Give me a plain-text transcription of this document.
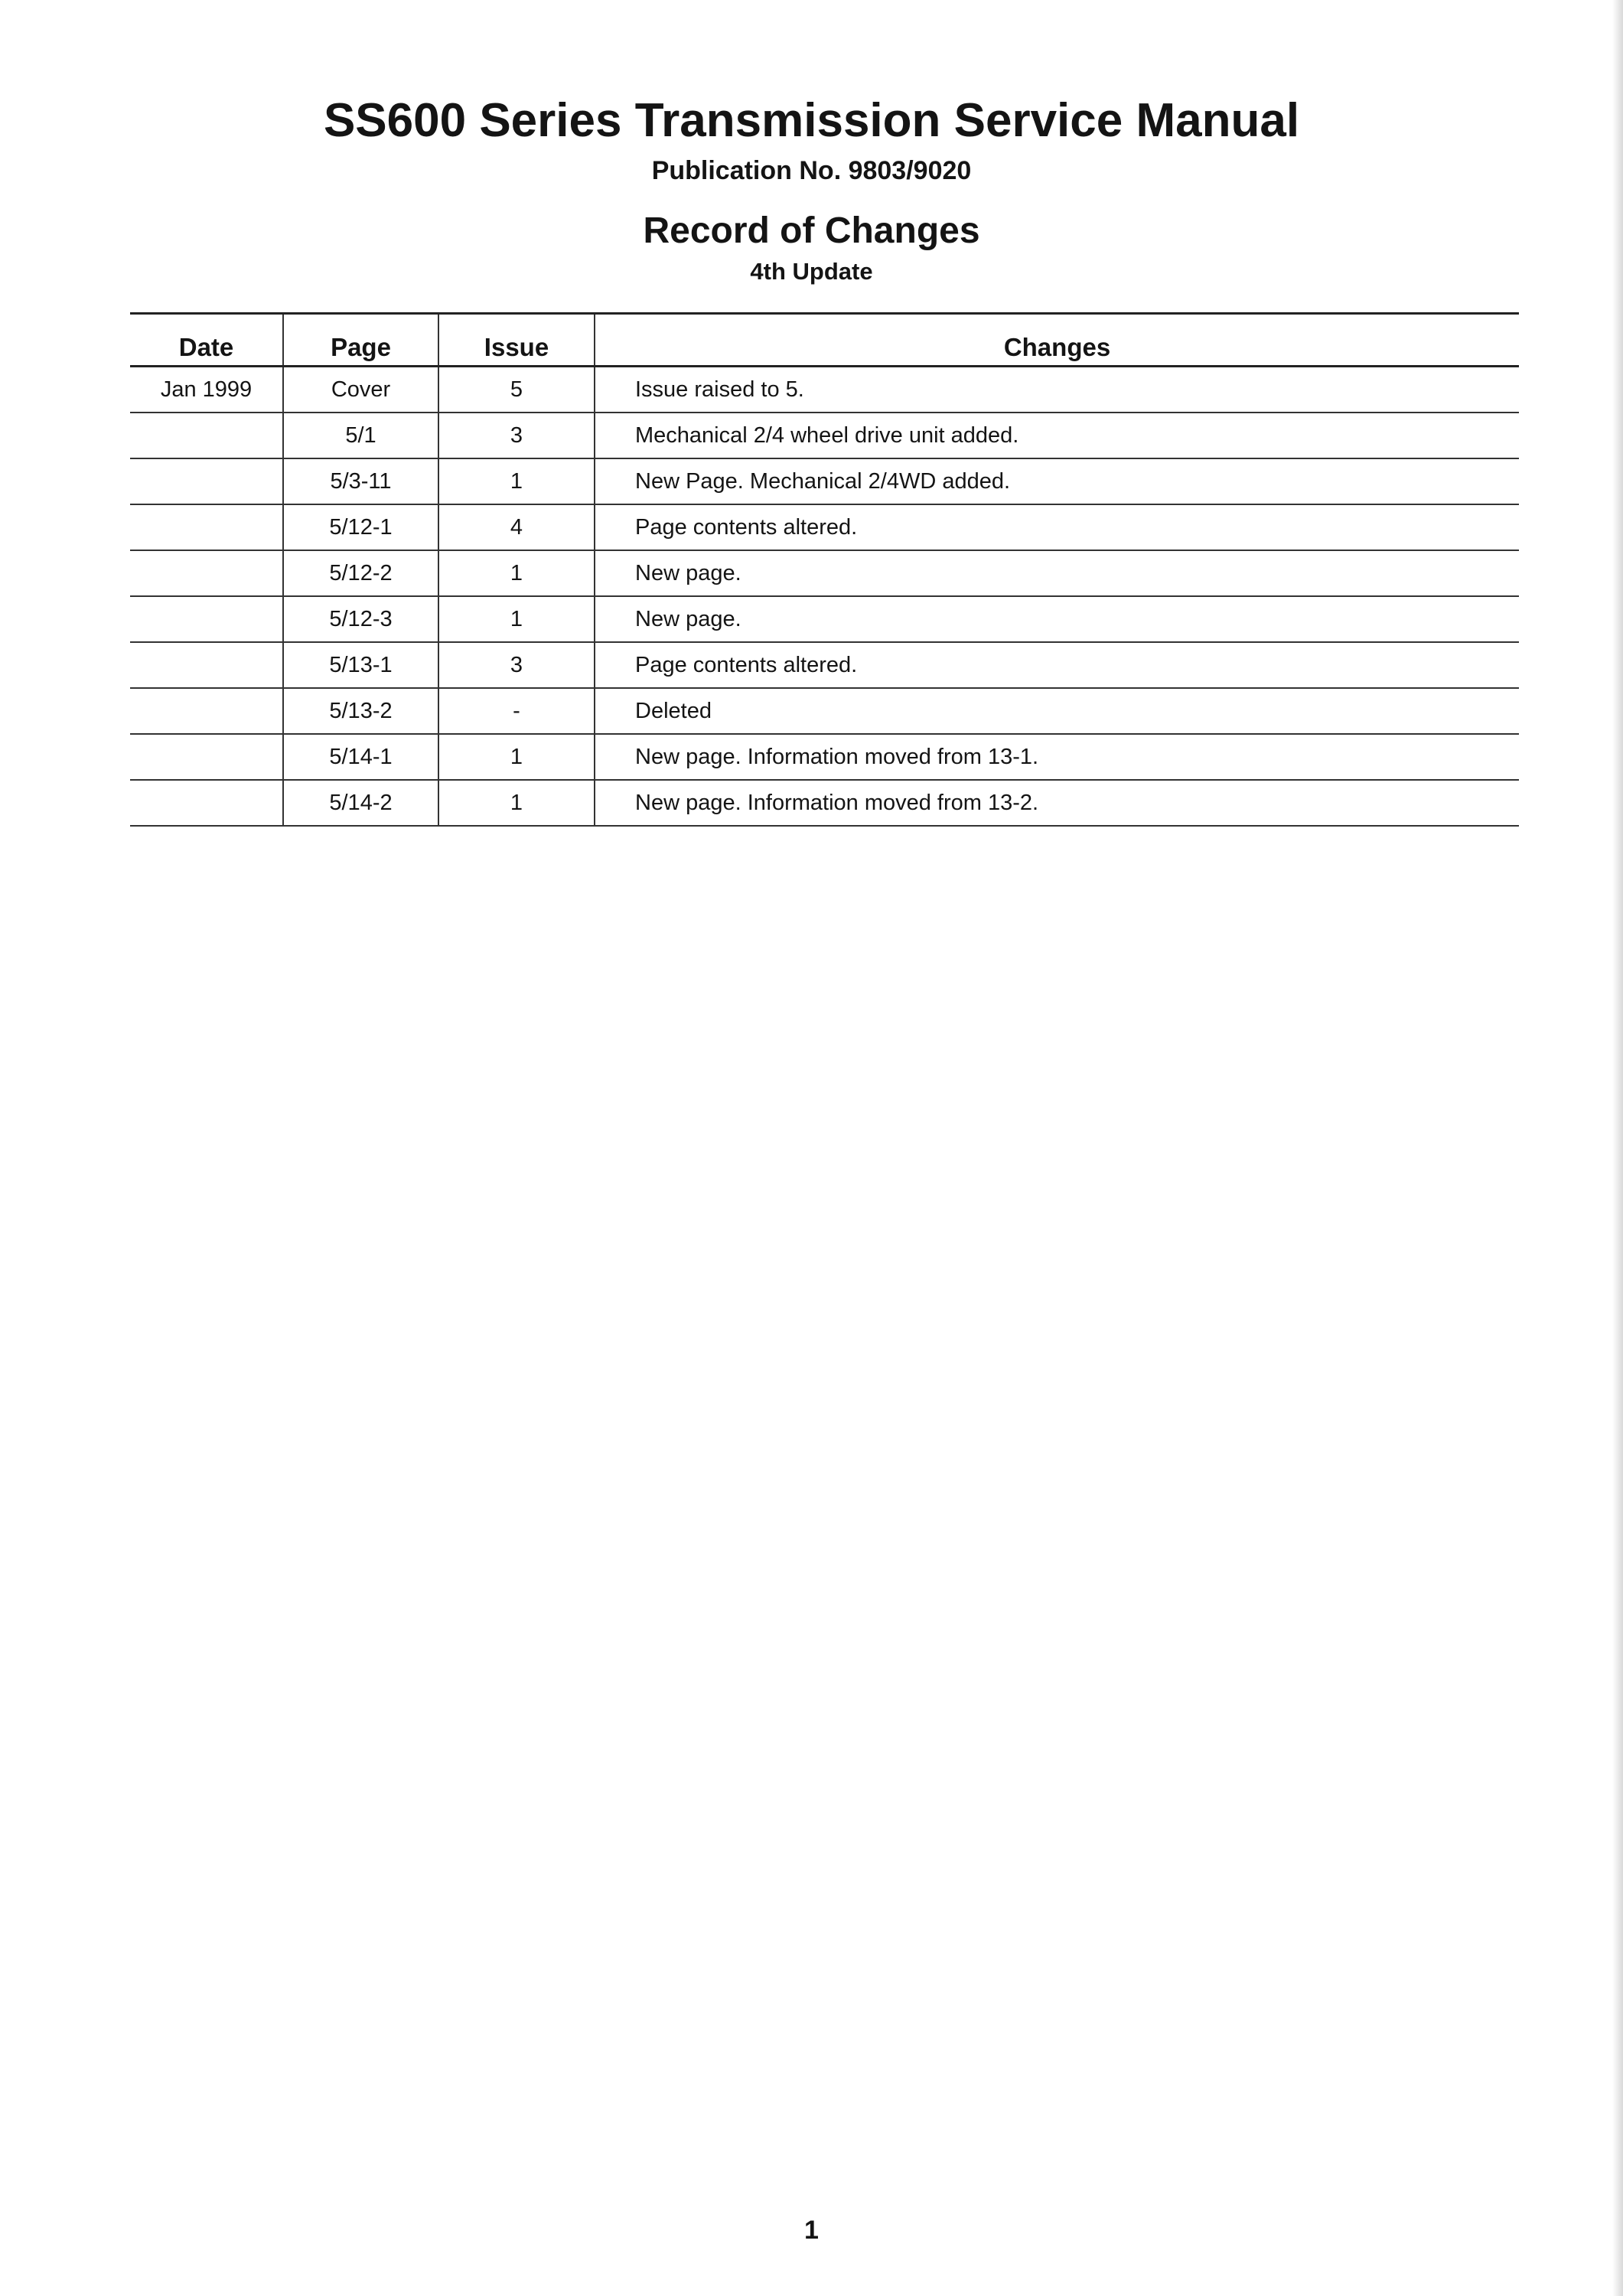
SS600 Series Transmission Service Manual
Publication No. 9803/9020
Record of Changes
4th Update
Date	Page	Issue	Changes
Jan 1999	Cover	5	Issue raised to 5.
	5/1	3	Mechanical 2/4 wheel drive unit added.
	5/3-11	1	New Page. Mechanical 2/4WD added.
	5/12-1	4	Page contents altered.
	5/12-2	1	New page.
	5/12-3	1	New page.
	5/13-1	3	Page contents altered.
	5/13-2	-	Deleted
	5/14-1	1	New page. Information moved from 13-1.
	5/14-2	1	New page. Information moved from 13-2.
1
